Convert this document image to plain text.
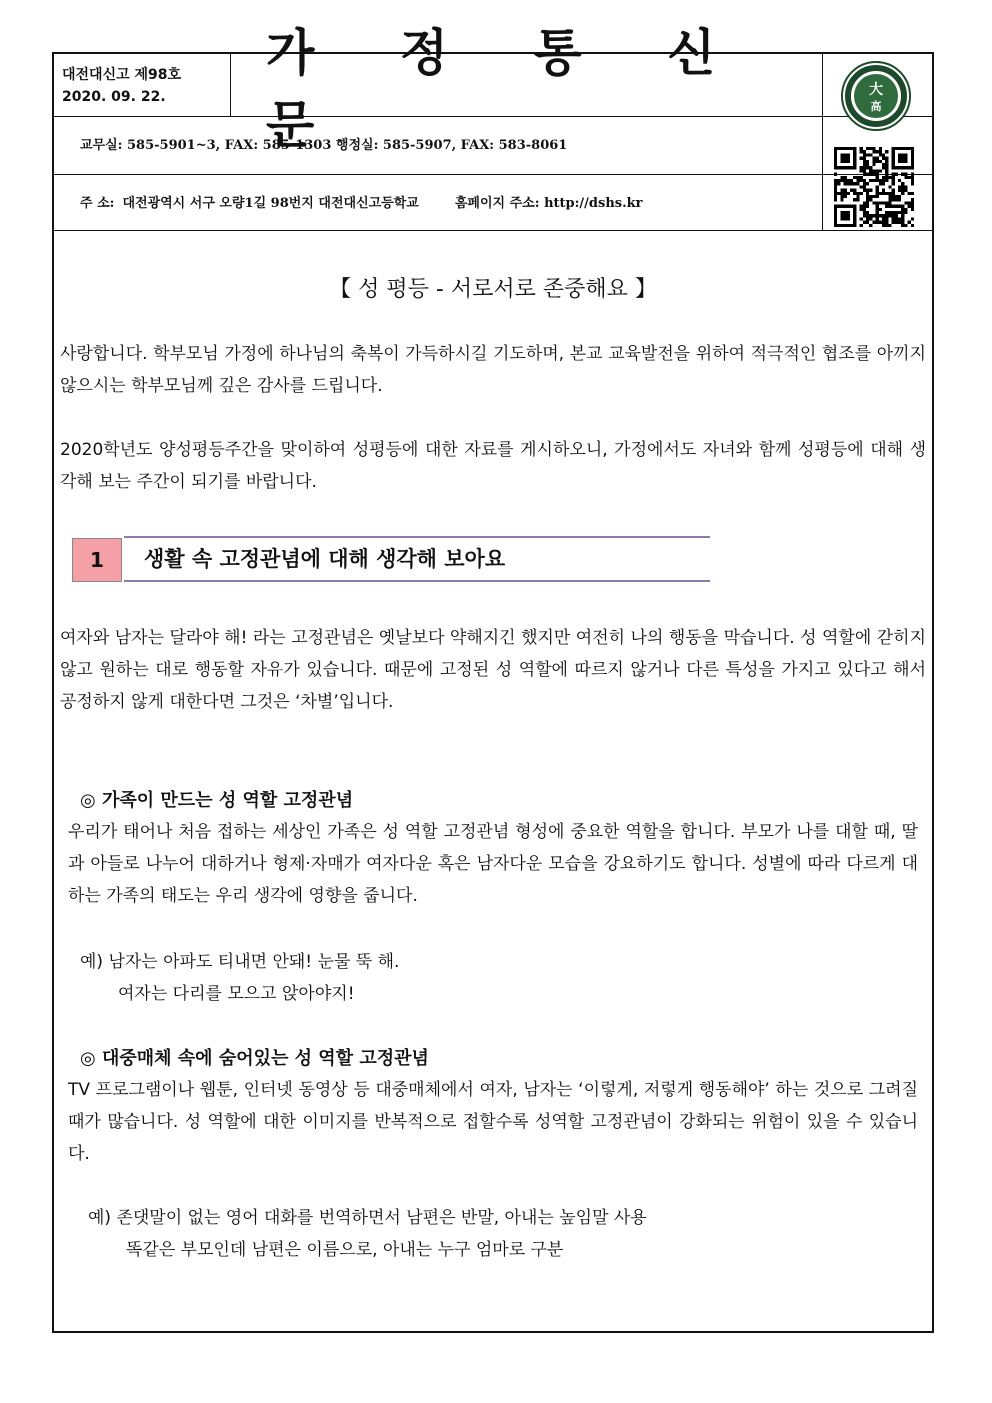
대전대신고 제98호
2020. 09. 22.
가 정 통 신 문
교무실: 585-5901~3, FAX: 585-1303 행정실: 585-5907, FAX: 583-8061
주 소: 대전광역시 서구 오량1길 98번지 대전대신고등학교	홈페이지 주소: http://dshs.kr
大
高
【 성 평등 - 서로서로 존중해요 】
사랑합니다. 학부모님 가정에 하나님의 축복이 가득하시길 기도하며, 본교 교육발전을 위하여 적극적인 협조를 아끼지 않으시는 학부모님께 깊은 감사를 드립니다.
2020학년도 양성평등주간을 맞이하여 성평등에 대한 자료를 게시하오니, 가정에서도 자녀와 함께 성평등에 대해 생각해 보는 주간이 되기를 바랍니다.
1	생활 속 고정관념에 대해 생각해 보아요
여자와 남자는 달라야 해! 라는 고정관념은 옛날보다 약해지긴 했지만 여전히 나의 행동을 막습니다. 성 역할에 갇히지 않고 원하는 대로 행동할 자유가 있습니다. 때문에 고정된 성 역할에 따르지 않거나 다른 특성을 가지고 있다고 해서 공정하지 않게 대한다면 그것은 ‘차별’입니다.
◎ 가족이 만드는 성 역할 고정관념
우리가 태어나 처음 접하는 세상인 가족은 성 역할 고정관념 형성에 중요한 역할을 합니다. 부모가 나를 대할 때, 딸과 아들로 나누어 대하거나 형제·자매가 여자다운 혹은 남자다운 모습을 강요하기도 합니다. 성별에 따라 다르게 대하는 가족의 태도는 우리 생각에 영향을 줍니다.
예) 남자는 아파도 티내면 안돼! 눈물 뚝 해.
여자는 다리를 모으고 앉아야지!
◎ 대중매체 속에 숨어있는 성 역할 고정관념
TV 프로그램이나 웹툰, 인터넷 동영상 등 대중매체에서 여자, 남자는 ‘이렇게, 저렇게 행동해야’ 하는 것으로 그려질 때가 많습니다. 성 역할에 대한 이미지를 반복적으로 접할수록 성역할 고정관념이 강화되는 위험이 있을 수 있습니다.
예) 존댓말이 없는 영어 대화를 번역하면서 남편은 반말, 아내는 높임말 사용
똑같은 부모인데 남편은 이름으로, 아내는 누구 엄마로 구분
